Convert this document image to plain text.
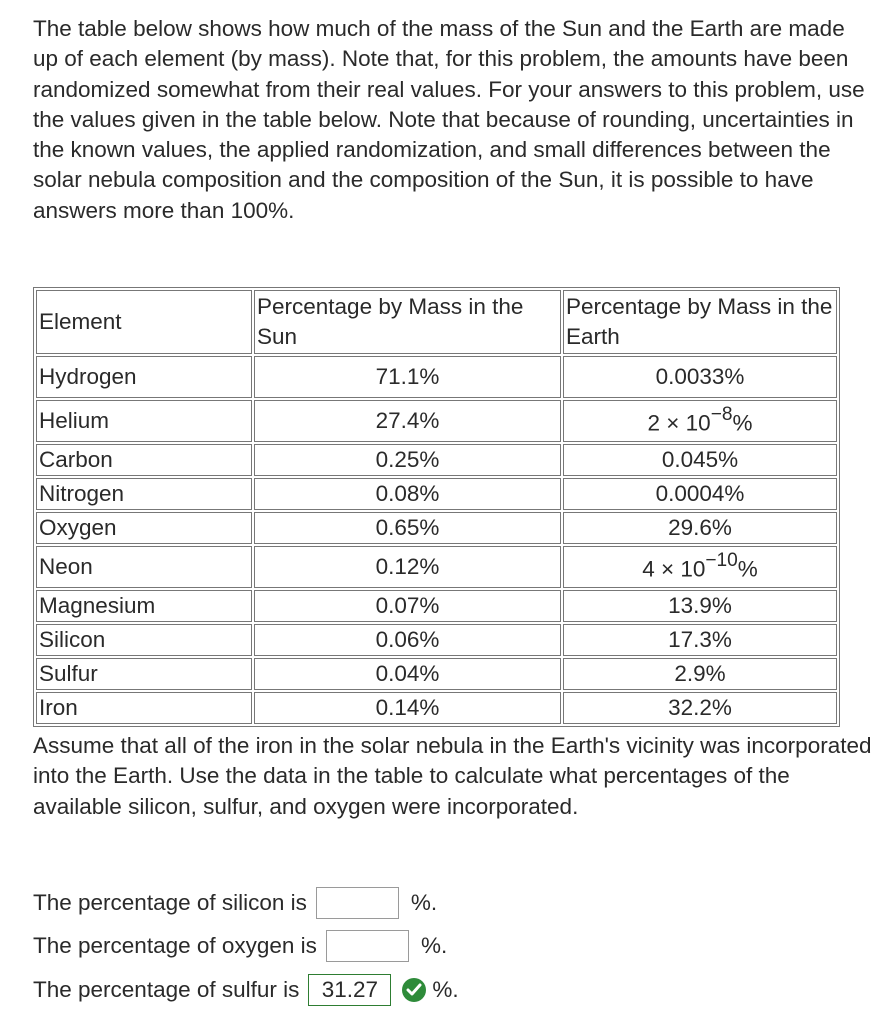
The table below shows how much of the mass of the Sun and the Earth are made up of each element (by mass). Note that, for this problem, the amounts have been randomized somewhat from their real values. For your answers to this problem, use the values given in the table below. Note that because of rounding, uncertainties in the known values, the applied randomization, and small differences between the solar nebula composition and the composition of the Sun, it is possible to have answers more than 100%.

Element	Percentage by Mass in the Sun	Percentage by Mass in the Earth
Hydrogen	71.1%	0.0033%
Helium	27.4%	$2 \times 10^{-8}\%$
Carbon	0.25%	0.045%
Nitrogen	0.08%	0.0004%
Oxygen	0.65%	29.6%
Neon	0.12%	$4 \times 10^{-10}\%$
Magnesium	0.07%	13.9%
Silicon	0.06%	17.3%
Sulfur	0.04%	2.9%
Iron	0.14%	32.2%

Assume that all of the iron in the solar nebula in the Earth's vicinity was incorporated into the Earth. Use the data in the table to calculate what percentages of the available silicon, sulfur, and oxygen were incorporated.

The percentage of silicon is	%.
The percentage of oxygen is	%.
The percentage of sulfur is 31.27	%.
